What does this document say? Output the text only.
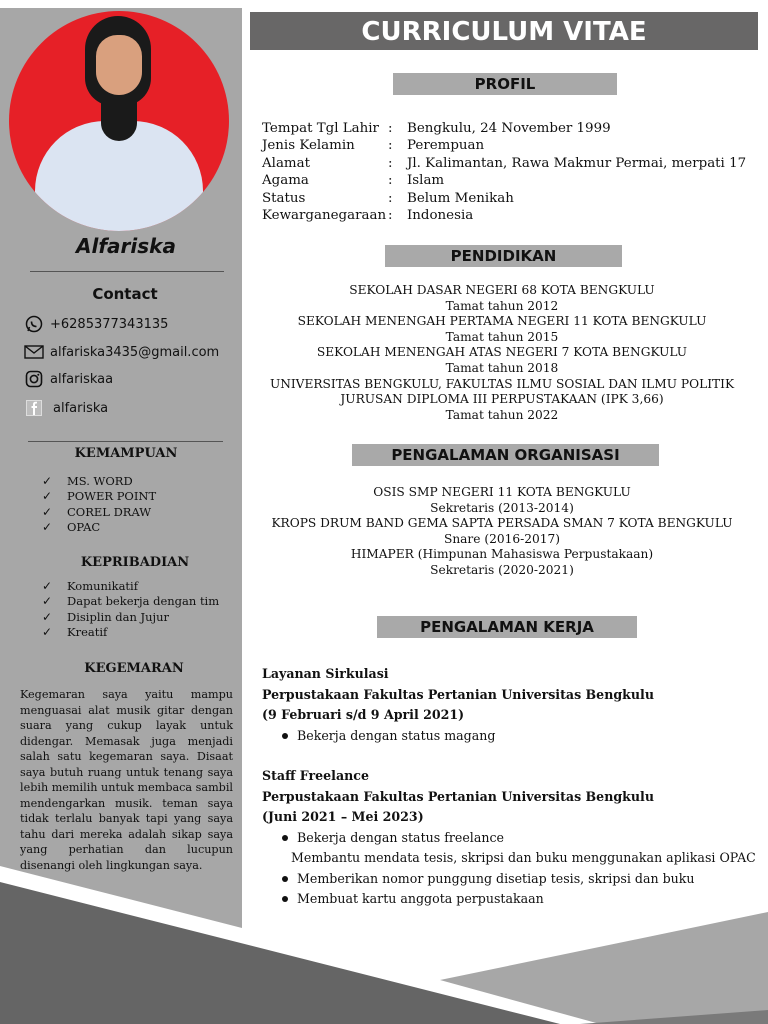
Alfariska
Contact
+6285377343135
alfariska3435@gmail.com
alfariskaa
alfariska
KEMAMPUAN
✓	MS. WORD
✓	POWER POINT
✓	COREL DRAW
✓	OPAC
KEPRIBADIAN
✓	Komunikatif
✓	Dapat bekerja dengan tim
✓	Disiplin dan Jujur
✓	Kreatif
KEGEMARAN
Kegemaran saya yaitu mampu menguasai alat musik gitar dengan suara yang cukup layak untuk didengar. Memasak juga menjadi salah satu kegemaran saya. Disaat saya butuh ruang untuk tenang saya lebih memilih untuk membaca sambil mendengarkan musik. teman saya tidak terlalu banyak tapi yang saya tahu dari mereka adalah sikap saya yang perhatian dan lucupun disenangi oleh lingkungan saya.
CURRICULUM VITAE
PROFIL
Tempat Tgl Lahir :	Bengkulu, 24 November 1999
Jenis Kelamin	:	Perempuan
Alamat	:	Jl. Kalimantan, Rawa Makmur Permai, merpati 17
Agama	:	Islam
Status	:	Belum Menikah
Kewarganegaraan :	Indonesia
PENDIDIKAN
SEKOLAH DASAR NEGERI 68 KOTA BENGKULU
Tamat tahun 2012
SEKOLAH MENENGAH PERTAMA NEGERI 11 KOTA BENGKULU
Tamat tahun 2015
SEKOLAH MENENGAH ATAS NEGERI 7 KOTA BENGKULU
Tamat tahun 2018
UNIVERSITAS BENGKULU, FAKULTAS ILMU SOSIAL DAN ILMU POLITIK
JURUSAN DIPLOMA III PERPUSTAKAAN (IPK 3,66)
Tamat tahun 2022
PENGALAMAN ORGANISASI
OSIS SMP NEGERI 11 KOTA BENGKULU
Sekretaris (2013-2014)
KROPS DRUM BAND GEMA SAPTA PERSADA SMAN 7 KOTA BENGKULU
Snare (2016-2017)
HIMAPER (Himpunan Mahasiswa Perpustakaan)
Sekretaris (2020-2021)
PENGALAMAN KERJA
Layanan Sirkulasi
Perpustakaan Fakultas Pertanian Universitas Bengkulu
(9 Februari s/d 9 April 2021)
Bekerja dengan status magang
Staff Freelance
Perpustakaan Fakultas Pertanian Universitas Bengkulu
(Juni 2021 – Mei 2023)
Bekerja dengan status freelance
Membantu mendata tesis, skripsi dan buku menggunakan aplikasi OPAC
Memberikan nomor punggung disetiap tesis, skripsi dan buku
Membuat kartu anggota perpustakaan
